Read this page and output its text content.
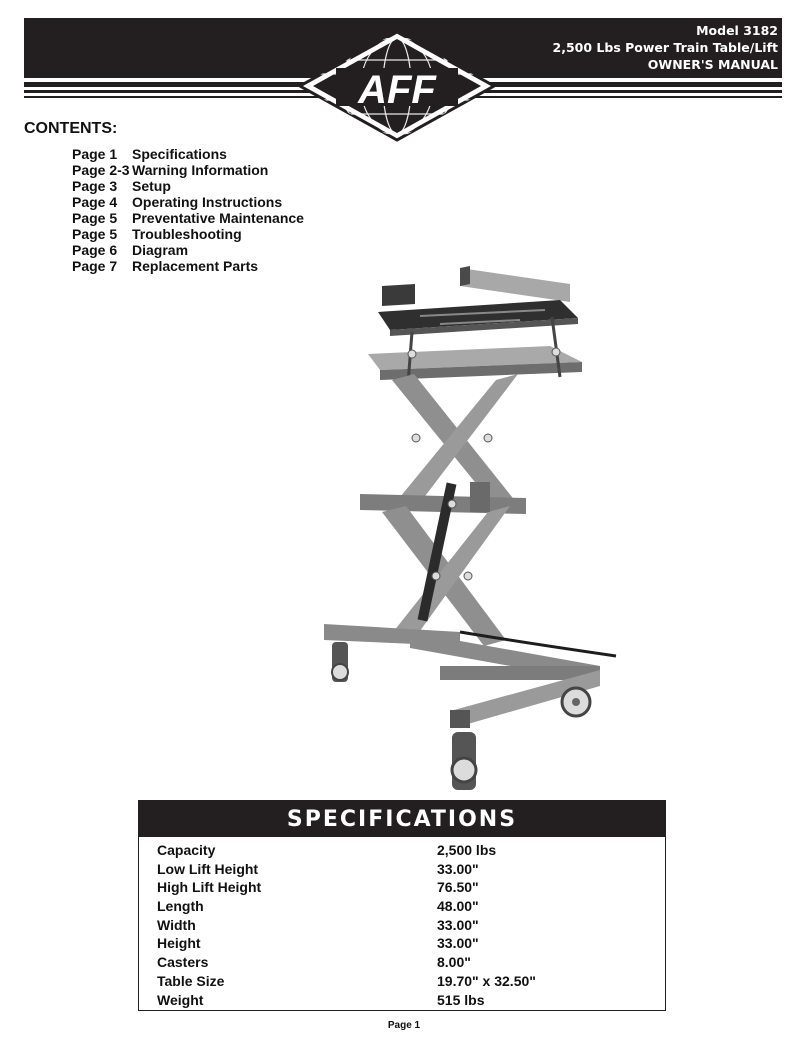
Model 3182
2,500 Lbs Power Train Table/Lift
OWNER'S MANUAL
AFF
CONTENTS:
Page 1 Specifications
Page 2-3 Warning Information
Page 3 Setup
Page 4 Operating Instructions
Page 5 Preventative Maintenance
Page 5 Troubleshooting
Page 6 Diagram
Page 7 Replacement Parts
SPECIFICATIONS
Capacity	2,500 lbs
Low Lift Height	33.00"
High Lift Height	76.50"
Length	48.00"
Width	33.00"
Height	33.00"
Casters	8.00"
Table Size	19.70" x 32.50"
Weight	515 lbs
Page 1
